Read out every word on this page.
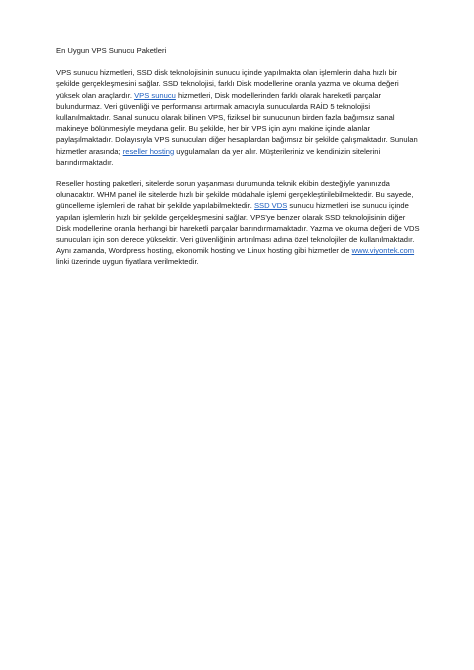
En Uygun VPS Sunucu Paketleri

VPS sunucu hizmetleri, SSD disk teknolojisinin sunucu içinde yapılmakta olan işlemlerin daha hızlı bir şekilde gerçekleşmesini sağlar. SSD teknolojisi, farklı Disk modellerine oranla yazma ve okuma değeri yüksek olan araçlardır. VPS sunucu hizmetleri, Disk modellerinden farklı olarak hareketli parçalar bulundurmaz. Veri güvenliği ve performansı artırmak amacıyla sunucularda RAİD 5 teknolojisi kullanılmaktadır. Sanal sunucu olarak bilinen VPS, fiziksel bir sunucunun birden fazla bağımsız sanal makineye bölünmesiyle meydana gelir. Bu şekilde, her bir VPS için aynı makine içinde alanlar paylaşılmaktadır. Dolayısıyla VPS sunucuları diğer hesaplardan bağımsız bir şekilde çalışmaktadır. Sunulan hizmetler arasında; reseller hosting uygulamaları da yer alır. Müşterileriniz ve kendinizin sitelerini barındırmaktadır.

Reseller hosting paketleri, sitelerde sorun yaşanması durumunda teknik ekibin desteğiyle yanınızda olunacaktır. WHM panel ile sitelerde hızlı bir şekilde müdahale işlemi gerçekleştirilebilmektedir. Bu sayede, güncelleme işlemleri de rahat bir şekilde yapılabilmektedir. SSD VDS sunucu hizmetleri ise sunucu içinde yapılan işlemlerin hızlı bir şekilde gerçekleşmesini sağlar. VPS'ye benzer olarak SSD teknolojisinin diğer Disk modellerine oranla herhangi bir hareketli parçalar barındırmamaktadır. Yazma ve okuma değeri de VDS sunucuları için son derece yüksektir. Veri güvenliğinin artırılması adına özel teknolojiler de kullanılmaktadır. Aynı zamanda, Wordpress hosting, ekonomik hosting ve Linux hosting gibi hizmetler de www.viyontek.com linki üzerinde uygun fiyatlara verilmektedir.
